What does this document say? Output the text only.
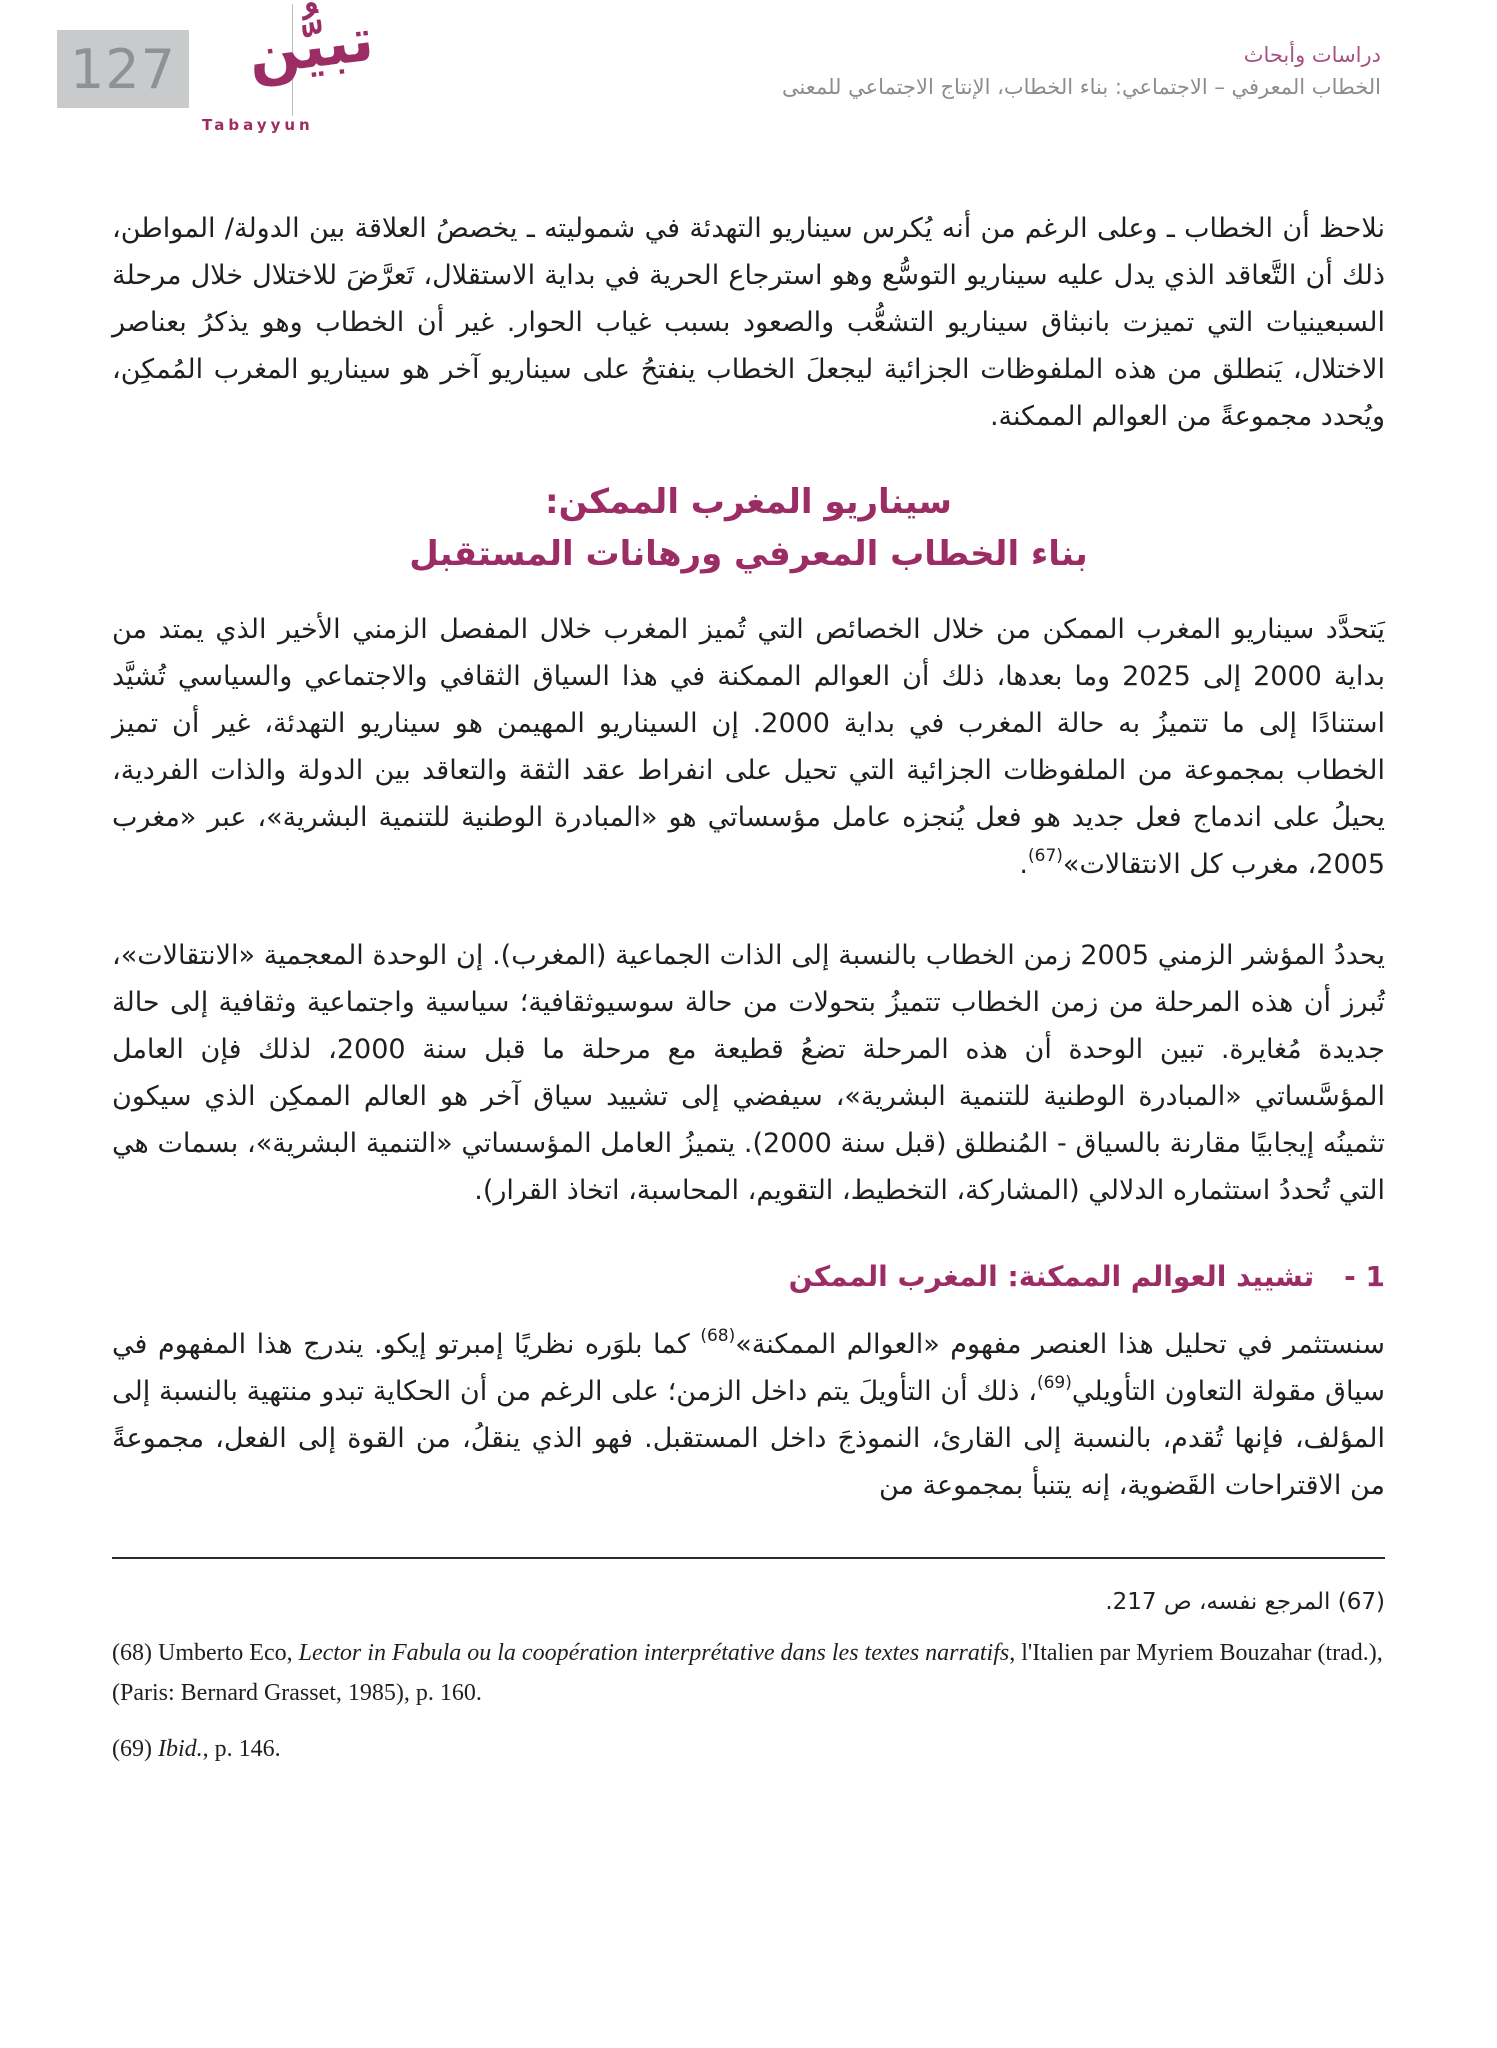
127 تبيُّن
Tabayyun
دراسات وأبحاث
الخطاب المعرفي – الاجتماعي: بناء الخطاب، الإنتاج الاجتماعي للمعنى

نلاحظ أن الخطاب ـ وعلى الرغم من أنه يُكرس سيناريو التهدئة في شموليته ـ يخصصُ العلاقة بين الدولة/ المواطن، ذلك أن التَّعاقد الذي يدل عليه سيناريو التوسُّع وهو استرجاع الحرية في بداية الاستقلال، تَعرَّضَ للاختلال خلال مرحلة السبعينيات التي تميزت بانبثاق سيناريو التشعُّب والصعود بسبب غياب الحوار. غير أن الخطاب وهو يذكرُ بعناصر الاختلال، يَنطلق من هذه الملفوظات الجزائية ليجعلَ الخطاب ينفتحُ على سيناريو آخر هو سيناريو المغرب المُمكِن، ويُحدد مجموعةً من العوالم الممكنة.

سيناريو المغرب الممكن:
بناء الخطاب المعرفي ورهانات المستقبل

يَتحدَّد سيناريو المغرب الممكن من خلال الخصائص التي تُميز المغرب خلال المفصل الزمني الأخير الذي يمتد من بداية 2000 إلى 2025 وما بعدها، ذلك أن العوالم الممكنة في هذا السياق الثقافي والاجتماعي والسياسي تُشيَّد استنادًا إلى ما تتميزُ به حالة المغرب في بداية 2000. إن السيناريو المهيمن هو سيناريو التهدئة، غير أن تميز الخطاب بمجموعة من الملفوظات الجزائية التي تحيل على انفراط عقد الثقة والتعاقد بين الدولة والذات الفردية، يحيلُ على اندماج فعل جديد هو فعل يُنجزه عامل مؤسساتي هو «المبادرة الوطنية للتنمية البشرية»، عبر «مغرب 2005، مغرب كل الانتقالات»$^{(67)}$.

يحددُ المؤشر الزمني 2005 زمن الخطاب بالنسبة إلى الذات الجماعية (المغرب). إن الوحدة المعجمية «الانتقالات»، تُبرز أن هذه المرحلة من زمن الخطاب تتميزُ بتحولات من حالة سوسيوثقافية؛ سياسية واجتماعية وثقافية إلى حالة جديدة مُغايرة. تبين الوحدة أن هذه المرحلة تضعُ قطيعة مع مرحلة ما قبل سنة 2000، لذلك فإن العامل المؤسَّساتي «المبادرة الوطنية للتنمية البشرية»، سيفضي إلى تشييد سياق آخر هو العالم الممكِن الذي سيكون تثمينُه إيجابيًا مقارنة بالسياق - المُنطلق (قبل سنة 2000). يتميزُ العامل المؤسساتي «التنمية البشرية»، بسمات هي التي تُحددُ استثماره الدلالي (المشاركة، التخطيط، التقويم، المحاسبة، اتخاذ القرار).

1 -تشييد العوالم الممكنة: المغرب الممكن

سنستثمر في تحليل هذا العنصر مفهوم «العوالم الممكنة»$^{(68)}$ كما بلوَره نظريًا إمبرتو إيكو. يندرج هذا المفهوم في سياق مقولة التعاون التأويلي$^{(69)}$، ذلك أن التأويلَ يتم داخل الزمن؛ على الرغم من أن الحكاية تبدو منتهية بالنسبة إلى المؤلف، فإنها تُقدم، بالنسبة إلى القارئ، النموذجَ داخل المستقبل. فهو الذي ينقلُ، من القوة إلى الفعل، مجموعةً من الاقتراحات القَضوية، إنه يتنبأ بمجموعة من

(67) المرجع نفسه، ص 217.

(68) Umberto Eco, Lector in Fabula ou la coopération interprétative dans les textes narratifs, l'Italien par Myriem Bouzahar (trad.), (Paris: Bernard Grasset, 1985), p. 160.

(69) Ibid., p. 146.
